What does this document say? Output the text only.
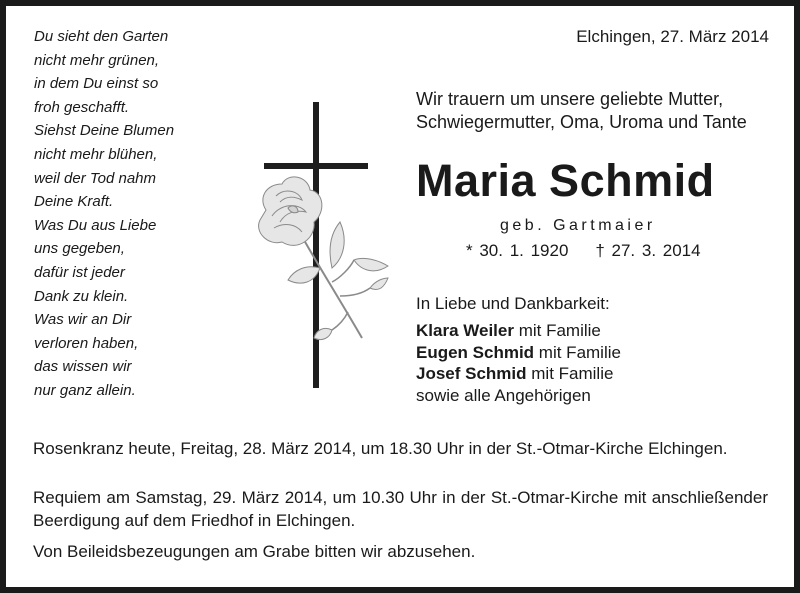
Du sieht den Garten
nicht mehr grünen,
in dem Du einst so
froh geschafft.
Siehst Deine Blumen
nicht mehr blühen,
weil der Tod nahm
Deine Kraft.
Was Du aus Liebe
uns gegeben,
dafür ist jeder
Dank zu klein.
Was wir an Dir
verloren haben,
das wissen wir
nur ganz allein.
Elchingen, 27. März 2014
Wir trauern um unsere geliebte Mutter,
Schwiegermutter, Oma, Uroma und Tante
Maria Schmid
geb. Gartmaier
* 30. 1. 1920 † 27. 3. 2014
In Liebe und Dankbarkeit:
Klara Weiler mit Familie
Eugen Schmid mit Familie
Josef Schmid mit Familie
sowie alle Angehörigen
Rosenkranz heute, Freitag, 28. März 2014, um 18.30 Uhr in der St.-Otmar-Kirche Elchingen.
Requiem am Samstag, 29. März 2014, um 10.30 Uhr in der St.-Otmar-Kirche mit anschließender Beerdigung auf dem Friedhof in Elchingen.
Von Beileidsbezeugungen am Grabe bitten wir abzusehen.
